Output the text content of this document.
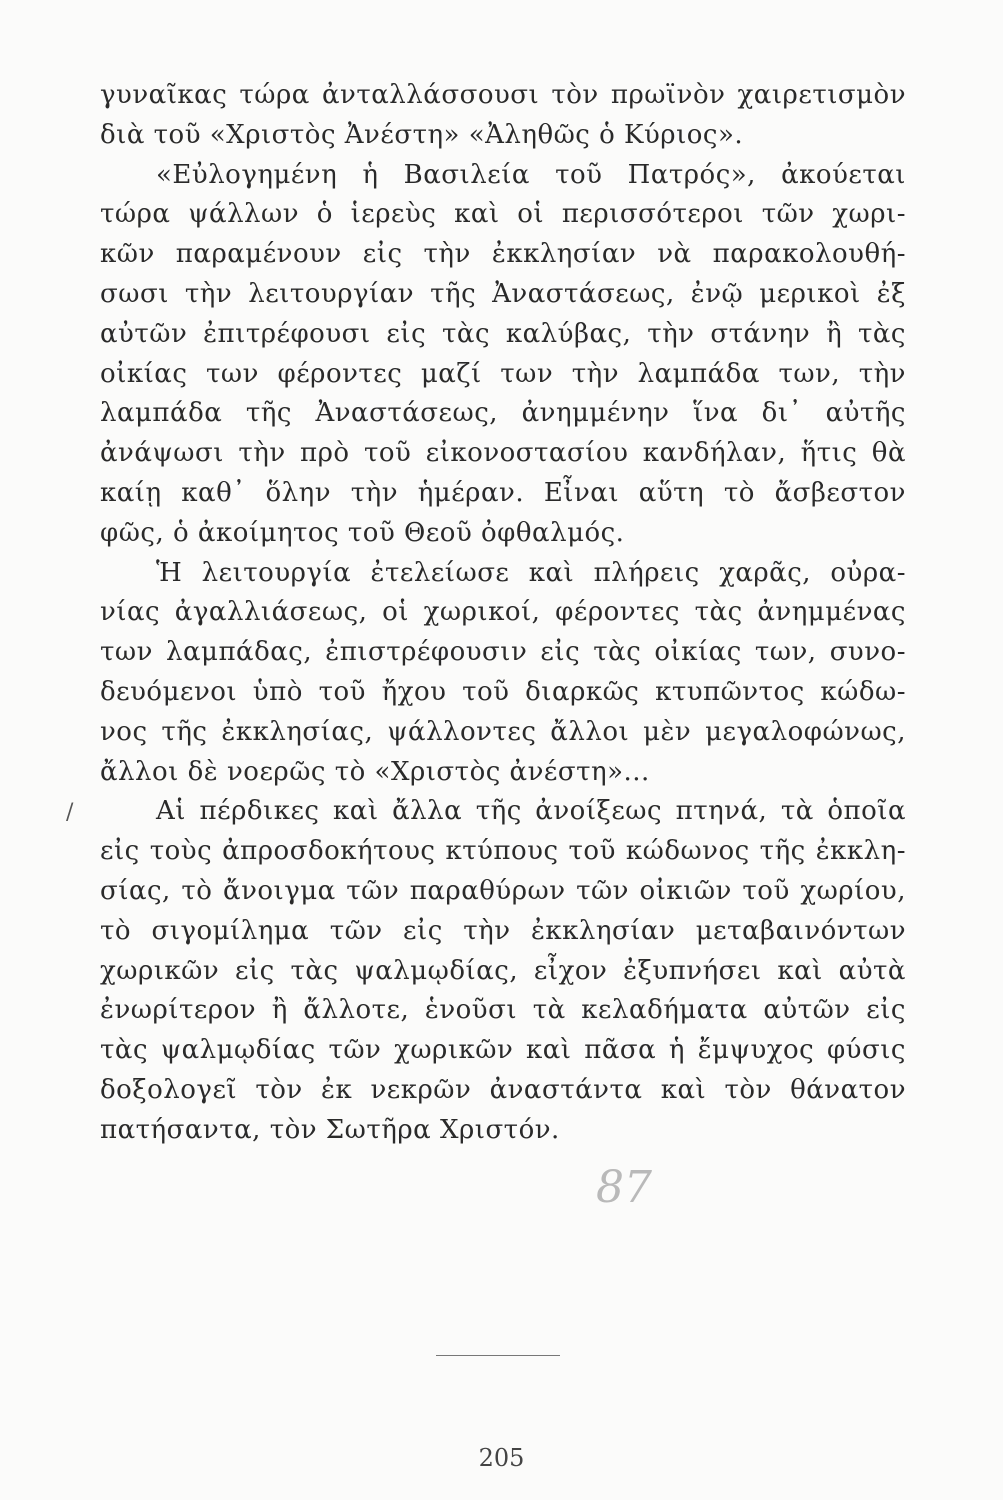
γυναῖκας τώρα ἀνταλλάσσουσι τὸν πρωϊνὸν χαιρετισμὸν
διὰ τοῦ «Χριστὸς Ἀνέστη» «Ἀληθῶς ὁ Κύριος».
«Εὐλογημένη ἡ Βασιλεία τοῦ Πατρός», ἀκούεται
τώρα ψάλλων ὁ ἱερεὺς καὶ οἱ περισσότεροι τῶν χωρι-
κῶν παραμένουν εἰς τὴν ἐκκλησίαν νὰ παρακολουθή-
σωσι τὴν λειτουργίαν τῆς Ἀναστάσεως, ἐνῷ μερικοὶ ἐξ
αὐτῶν ἐπιτρέφουσι εἰς τὰς καλύβας, τὴν στάνην ἢ τὰς
οἰκίας των φέροντες μαζί των τὴν λαμπάδα των, τὴν
λαμπάδα τῆς Ἀναστάσεως, ἀνημμένην ἵνα δι᾽ αὐτῆς
ἀνάψωσι τὴν πρὸ τοῦ εἰκονοστασίου κανδήλαν, ἥτις θὰ
καίῃ καθ᾽ ὅλην τὴν ἡμέραν. Εἶναι αὕτη τὸ ἄσβεστον
φῶς, ὁ ἀκοίμητος τοῦ Θεοῦ ὀφθαλμός.
Ἡ λειτουργία ἐτελείωσε καὶ πλήρεις χαρᾶς, οὐρα-
νίας ἀγαλλιάσεως, οἱ χωρικοί, φέροντες τὰς ἀνημμένας
των λαμπάδας, ἐπιστρέφουσιν εἰς τὰς οἰκίας των, συνο-
δευόμενοι ὑπὸ τοῦ ἤχου τοῦ διαρκῶς κτυπῶντος κώδω-
νος τῆς ἐκκλησίας, ψάλλοντες ἄλλοι μὲν μεγαλοφώνως,
ἄλλοι δὲ νοερῶς τὸ «Χριστὸς ἀνέστη»...
Αἱ πέρδικες καὶ ἄλλα τῆς ἀνοίξεως πτηνά, τὰ ὁποῖα
εἰς τοὺς ἀπροσδοκήτους κτύπους τοῦ κώδωνος τῆς ἐκκλη-
σίας, τὸ ἄνοιγμα τῶν παραθύρων τῶν οἰκιῶν τοῦ χωρίου,
τὸ σιγομίλημα τῶν εἰς τὴν ἐκκλησίαν μεταβαινόντων
χωρικῶν εἰς τὰς ψαλμῳδίας, εἶχον ἐξυπνήσει καὶ αὐτὰ
ἐνωρίτερον ἢ ἄλλοτε, ἑνοῦσι τὰ κελαδήματα αὐτῶν εἰς
τὰς ψαλμῳδίας τῶν χωρικῶν καὶ πᾶσα ἡ ἔμψυχος φύσις
δοξολογεῖ τὸν ἐκ νεκρῶν ἀναστάντα καὶ τὸν θάνατον
πατήσαντα, τὸν Σωτῆρα Χριστόν.
/
87
205
